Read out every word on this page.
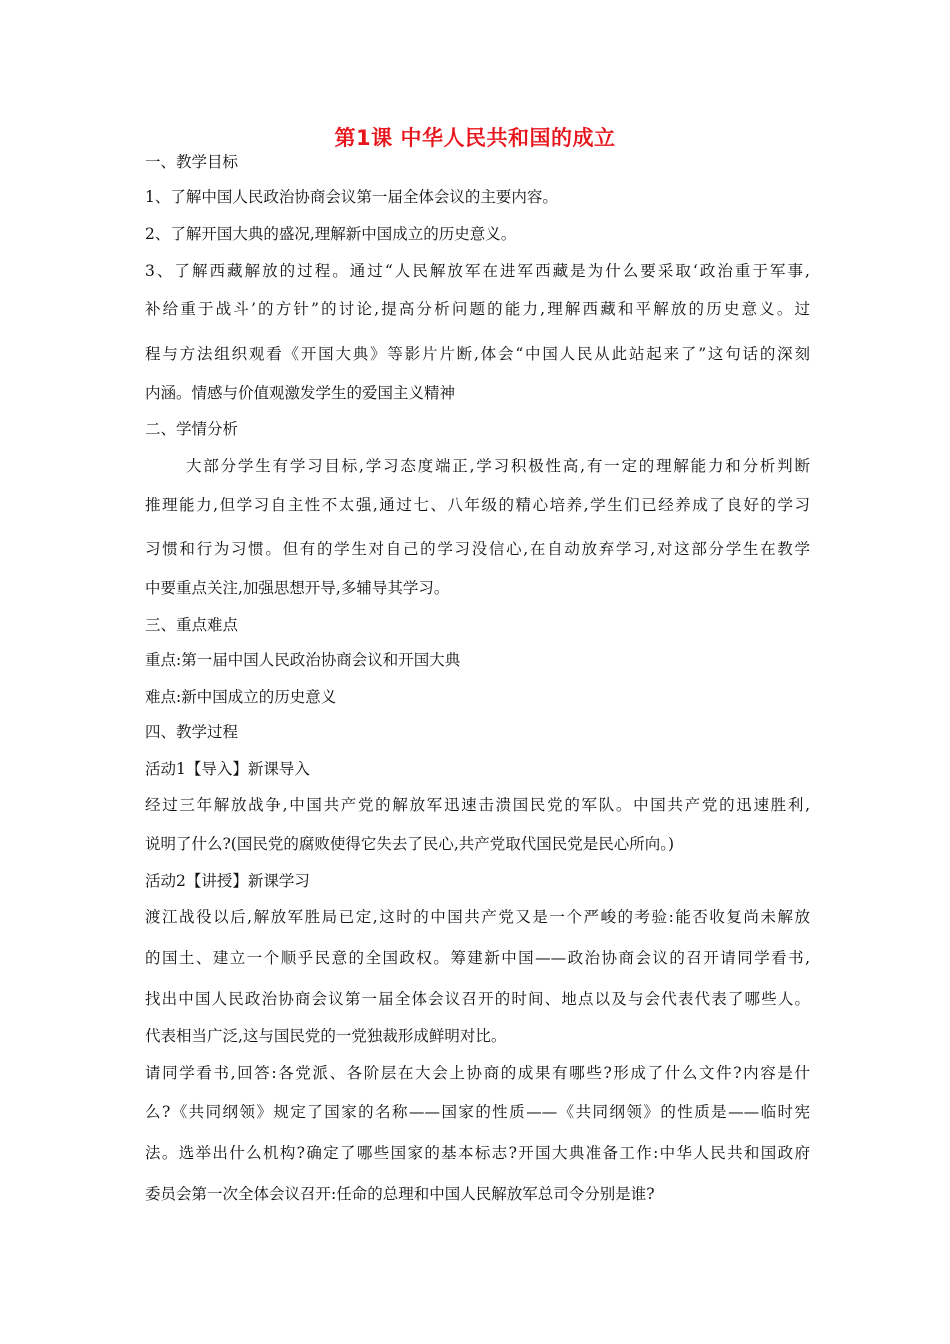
第1课 中华人民共和国的成立
一、教学目标
1、了解中国人民政治协商会议第一届全体会议的主要内容。
2、了解开国大典的盛况,理解新中国成立的历史意义。
3、了解西藏解放的过程。通过“人民解放军在进军西藏是为什么要采取‘政治重于军事,
补给重于战斗’的方针”的讨论,提高分析问题的能力,理解西藏和平解放的历史意义。过
程与方法组织观看《开国大典》等影片片断,体会“中国人民从此站起来了”这句话的深刻
内涵。情感与价值观激发学生的爱国主义精神
二、学情分析
大部分学生有学习目标,学习态度端正,学习积极性高,有一定的理解能力和分析判断
推理能力,但学习自主性不太强,通过七、八年级的精心培养,学生们已经养成了良好的学习
习惯和行为习惯。但有的学生对自己的学习没信心,在自动放弃学习,对这部分学生在教学
中要重点关注,加强思想开导,多辅导其学习。
三、重点难点
重点:第一届中国人民政治协商会议和开国大典
难点:新中国成立的历史意义
四、教学过程
活动1【导入】新课导入
经过三年解放战争,中国共产党的解放军迅速击溃国民党的军队。中国共产党的迅速胜利,
说明了什么?(国民党的腐败使得它失去了民心,共产党取代国民党是民心所向。)
活动2【讲授】新课学习
渡江战役以后,解放军胜局已定,这时的中国共产党又是一个严峻的考验:能否收复尚未解放
的国土、建立一个顺乎民意的全国政权。筹建新中国——政治协商会议的召开请同学看书,
找出中国人民政治协商会议第一届全体会议召开的时间、地点以及与会代表代表了哪些人。
代表相当广泛,这与国民党的一党独裁形成鲜明对比。
请同学看书,回答:各党派、各阶层在大会上协商的成果有哪些?形成了什么文件?内容是什
么?《共同纲领》规定了国家的名称——国家的性质——《共同纲领》的性质是——临时宪
法。选举出什么机构?确定了哪些国家的基本标志?开国大典准备工作:中华人民共和国政府
委员会第一次全体会议召开:任命的总理和中国人民解放军总司令分别是谁?
